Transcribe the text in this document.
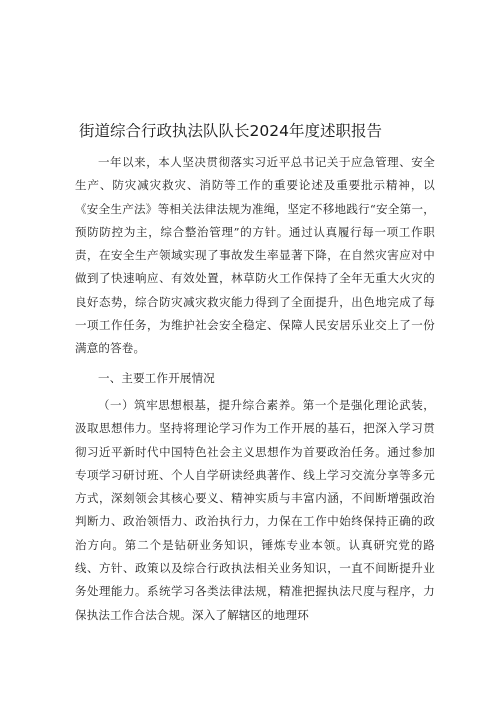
街道综合行政执法队队长2024年度述职报告

一年以来，本人坚决贯彻落实习近平总书记关于应急管理、安全生产、防灾减灾救灾、消防等工作的重要论述及重要批示精神，以《安全生产法》等相关法律法规为准绳，坚定不移地践行“安全第一，预防防控为主，综合整治管理”的方针。通过认真履行每一项工作职责，在安全生产领域实现了事故发生率显著下降，在自然灾害应对中做到了快速响应、有效处置，林草防火工作保持了全年无重大火灾的良好态势，综合防灾减灾救灾能力得到了全面提升，出色地完成了每一项工作任务，为维护社会安全稳定、保障人民安居乐业交上了一份满意的答卷。

一、主要工作开展情况

（一）筑牢思想根基，提升综合素养。第一个是强化理论武装，汲取思想伟力。坚持将理论学习作为工作开展的基石，把深入学习贯彻习近平新时代中国特色社会主义思想作为首要政治任务。通过参加专项学习研讨班、个人自学研读经典著作、线上学习交流分享等多元方式，深刻领会其核心要义、精神实质与丰富内涵，不间断增强政治判断力、政治领悟力、政治执行力，力保在工作中始终保持正确的政治方向。第二个是钻研业务知识，锤炼专业本领。认真研究党的路线、方针、政策以及综合行政执法相关业务知识，一直不间断提升业务处理能力。系统学习各类法律法规，精准把握执法尺度与程序，力保执法工作合法合规。深入了解辖区的地理环
